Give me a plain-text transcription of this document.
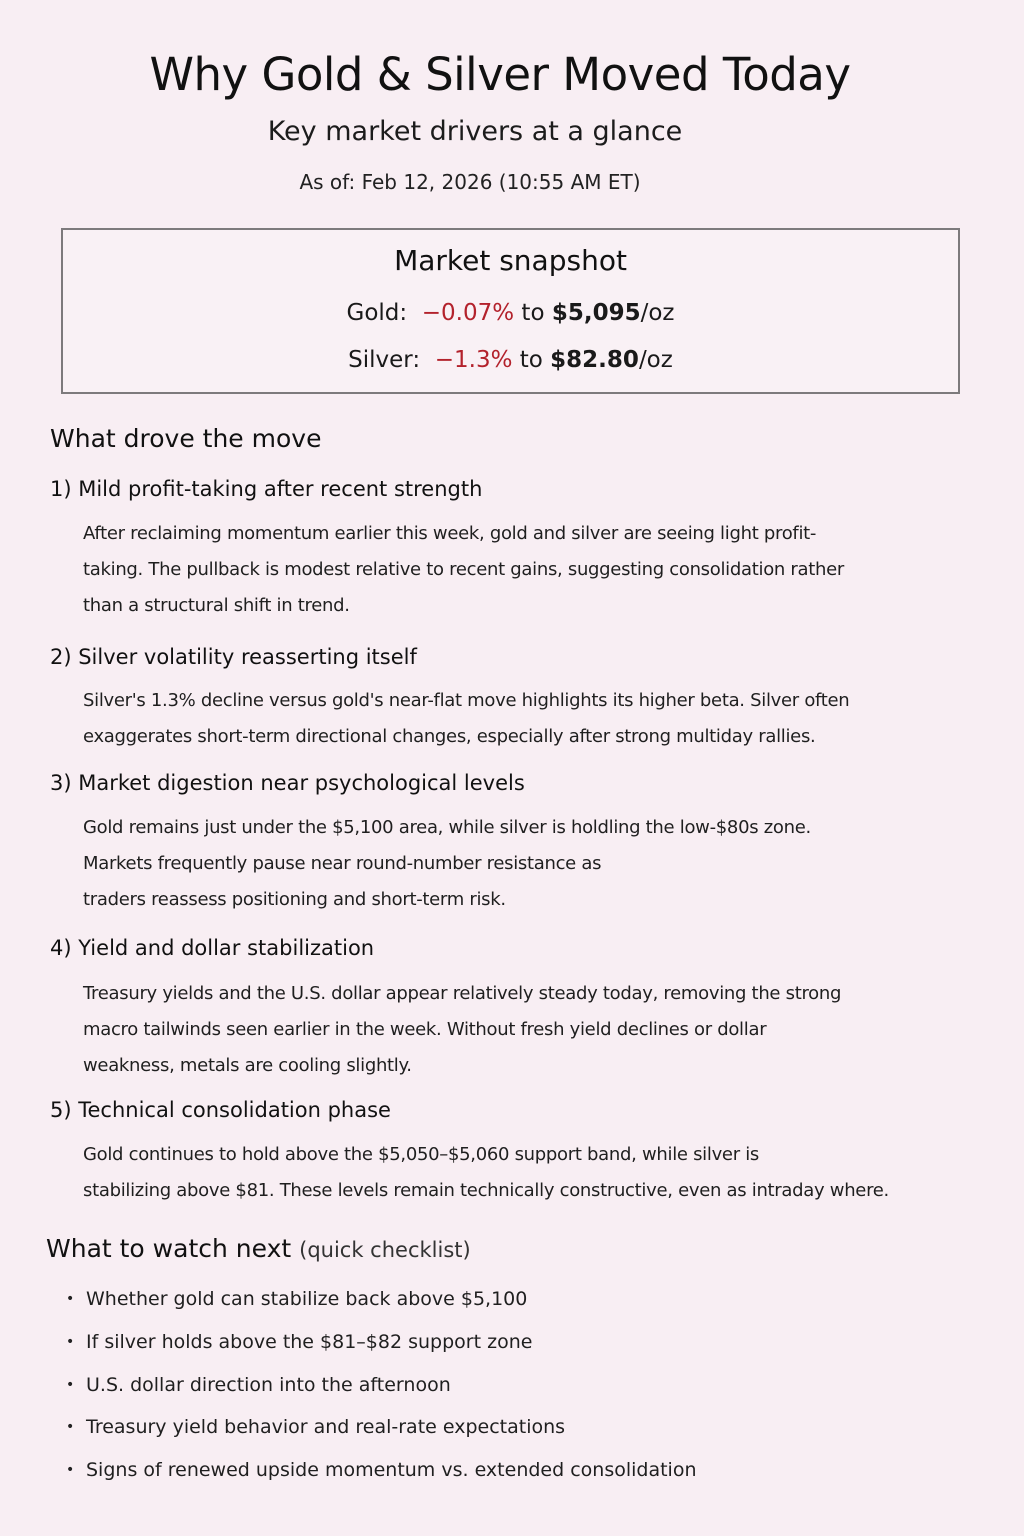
Why Gold & Silver Moved Today
Key market drivers at a glance
As of: Feb 12, 2026 (10:55 AM ET)
Market snapshot
Gold: −0.07% to $5,095/oz
Silver: −1.3% to $82.80/oz
What drove the move
1) Mild profit-taking after recent strength
After reclaiming momentum earlier this week, gold and silver are seeing light profit-
taking. The pullback is modest relative to recent gains, suggesting consolidation rather
than a structural shift in trend.
2) Silver volatility reasserting itself
Silver's 1.3% decline versus gold's near-flat move highlights its higher beta. Silver often
exaggerates short-term directional changes, especially after strong multiday rallies.
3) Market digestion near psychological levels
Gold remains just under the $5,100 area, while silver is holdling the low-$80s zone.
Markets frequently pause near round-number resistance as
traders reassess positioning and short-term risk.
4) Yield and dollar stabilization
Treasury yields and the U.S. dollar appear relatively steady today, removing the strong
macro tailwinds seen earlier in the week. Without fresh yield declines or dollar
weakness, metals are cooling slightly.
5) Technical consolidation phase
Gold continues to hold above the $5,050–$5,060 support band, while silver is
stabilizing above $81. These levels remain technically constructive, even as intraday where.
What to watch next (quick checklist)
• Whether gold can stabilize back above $5,100
• If silver holds above the $81–$82 support zone
• U.S. dollar direction into the afternoon
• Treasury yield behavior and real-rate expectations
• Signs of renewed upside momentum vs. extended consolidation
